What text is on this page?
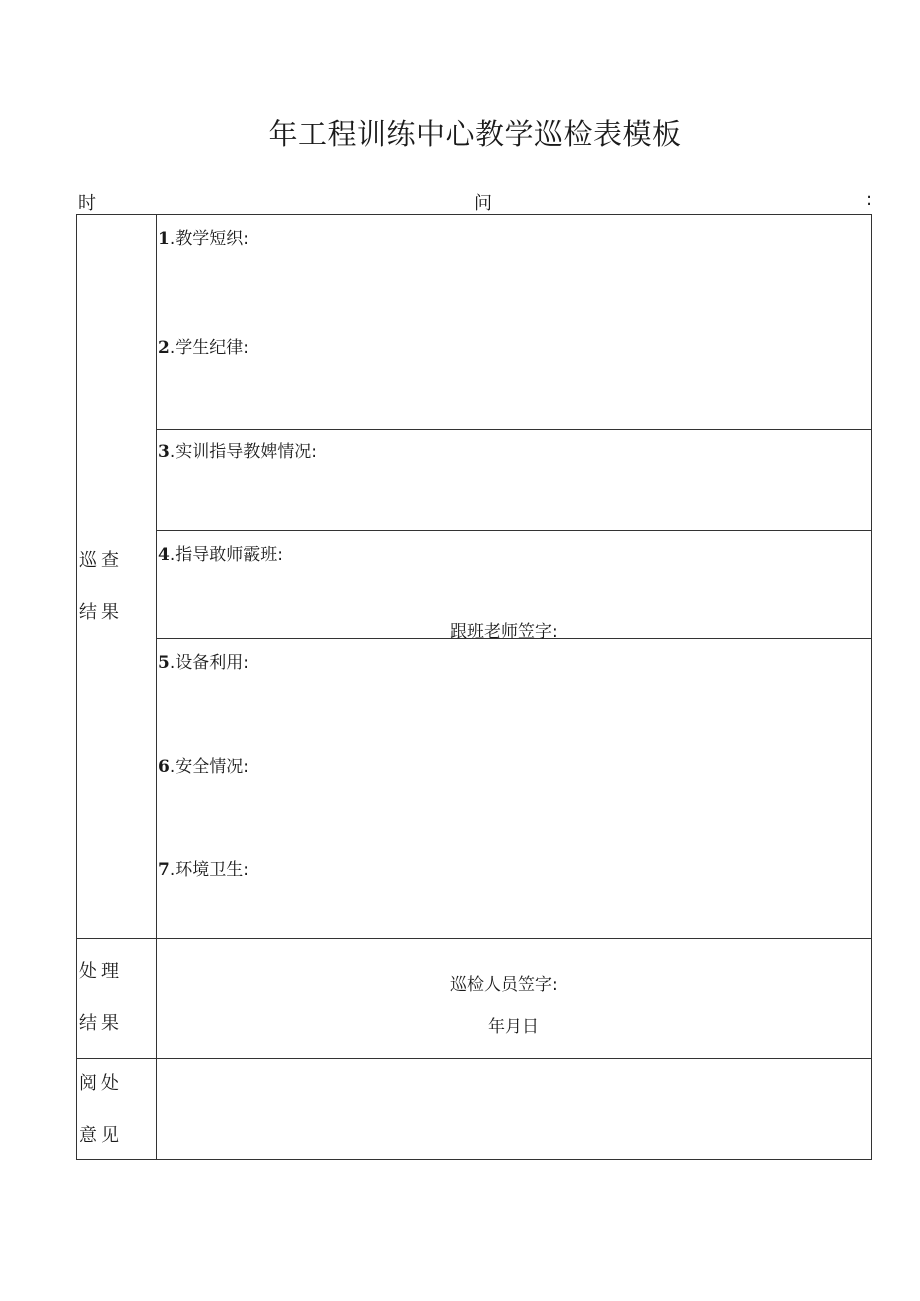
年工程训练中心教学巡检表模板
时	问	:
巡查
结果
1.教学短织:
2.学生纪律:
3.实训指导教婢情况:
4.指导敢师霰班:
跟班老师笠字:
5.设备利用:
6.安全情况:
7.环境卫生:
处理
结果
巡检人员笠字:
年月日
阅处
意见
